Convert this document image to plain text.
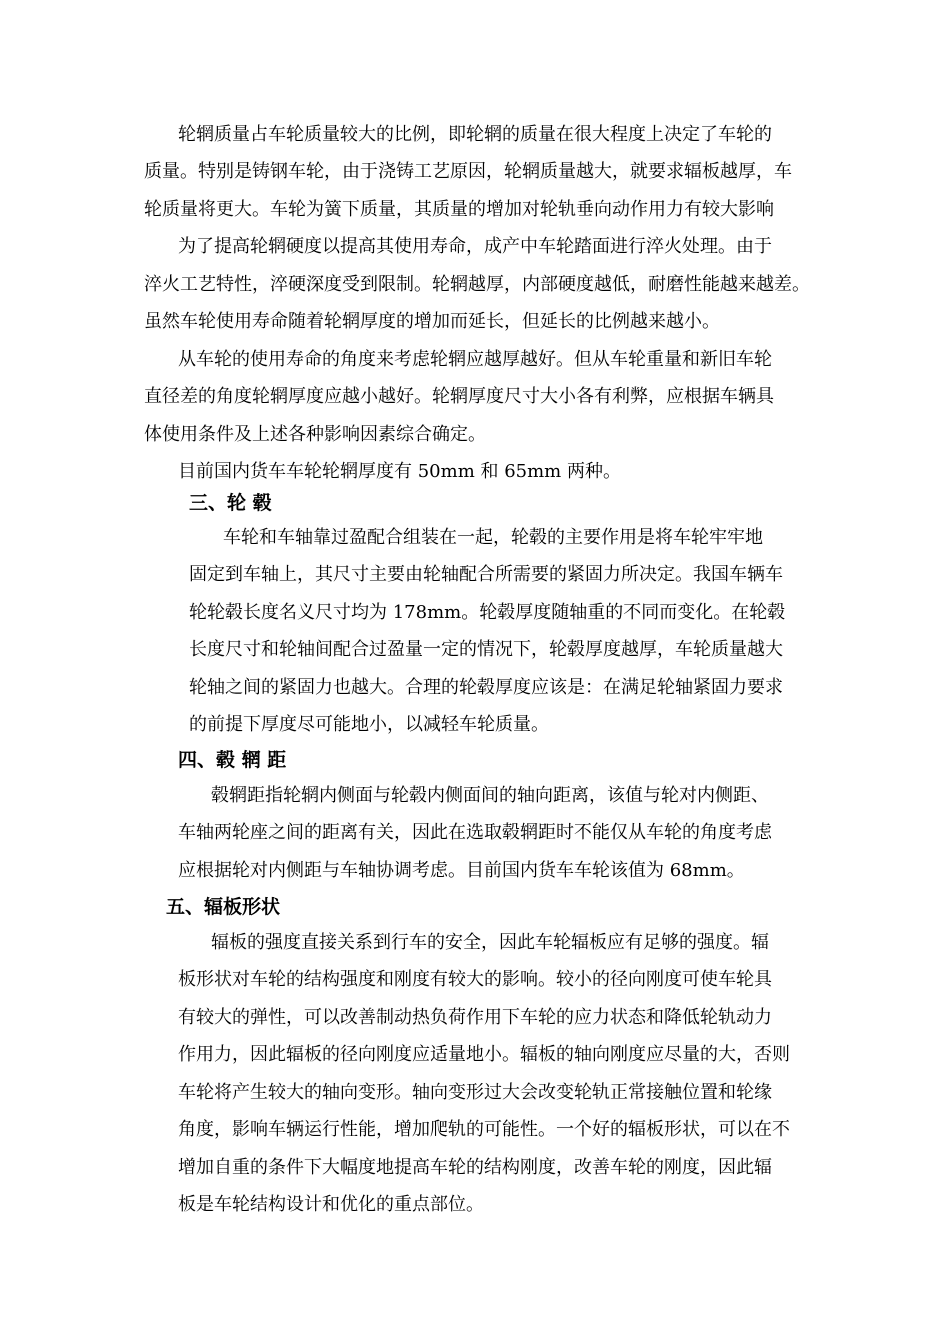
轮辋质量占车轮质量较大的比例，即轮辋的质量在很大程度上决定了车轮的
质量。特别是铸钢车轮，由于浇铸工艺原因，轮辋质量越大，就要求辐板越厚，车
轮质量将更大。车轮为簧下质量，其质量的增加对轮轨垂向动作用力有较大影响
为了提高轮辋硬度以提高其使用寿命，成产中车轮踏面进行淬火处理。由于
淬火工艺特性，淬硬深度受到限制。轮辋越厚，内部硬度越低，耐磨性能越来越差。
虽然车轮使用寿命随着轮辋厚度的增加而延长，但延长的比例越来越小。
从车轮的使用寿命的角度来考虑轮辋应越厚越好。但从车轮重量和新旧车轮
直径差的角度轮辋厚度应越小越好。轮辋厚度尺寸大小各有利弊，应根据车辆具
体使用条件及上述各种影响因素综合确定。
目前国内货车车轮轮辋厚度有 50mm 和 65mm 两种。
三、轮 毂
车轮和车轴靠过盈配合组装在一起，轮毂的主要作用是将车轮牢牢地
固定到车轴上，其尺寸主要由轮轴配合所需要的紧固力所决定。我国车辆车
轮轮毂长度名义尺寸均为 178mm。轮毂厚度随轴重的不同而变化。在轮毂
长度尺寸和轮轴间配合过盈量一定的情况下，轮毂厚度越厚，车轮质量越大
轮轴之间的紧固力也越大。合理的轮毂厚度应该是：在满足轮轴紧固力要求
的前提下厚度尽可能地小，以减轻车轮质量。
四、毂 辋 距
毂辋距指轮辋内侧面与轮毂内侧面间的轴向距离，该值与轮对内侧距、
车轴两轮座之间的距离有关，因此在选取毂辋距时不能仅从车轮的角度考虑
应根据轮对内侧距与车轴协调考虑。目前国内货车车轮该值为 68mm。
五、辐板形状
辐板的强度直接关系到行车的安全，因此车轮辐板应有足够的强度。辐
板形状对车轮的结构强度和刚度有较大的影响。较小的径向刚度可使车轮具
有较大的弹性，可以改善制动热负荷作用下车轮的应力状态和降低轮轨动力
作用力，因此辐板的径向刚度应适量地小。辐板的轴向刚度应尽量的大，否则
车轮将产生较大的轴向变形。轴向变形过大会改变轮轨正常接触位置和轮缘
角度，影响车辆运行性能，增加爬轨的可能性。一个好的辐板形状，可以在不
增加自重的条件下大幅度地提高车轮的结构刚度，改善车轮的刚度，因此辐
板是车轮结构设计和优化的重点部位。
